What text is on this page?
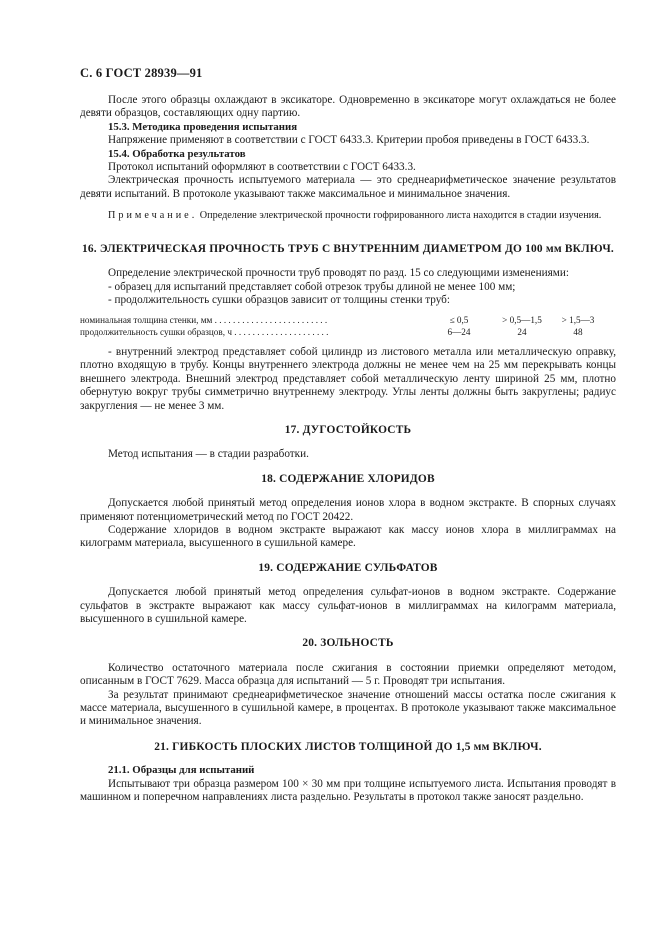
С. 6 ГОСТ 28939—91

После этого образцы охлаждают в эксикаторе. Одновременно в эксикаторе могут охлаждаться не более девяти образцов, составляющих одну партию.

15.3. Методика проведения испытания

Напряжение применяют в соответствии с ГОСТ 6433.3. Критерии пробоя приведены в ГОСТ 6433.3.

15.4. Обработка результатов

Протокол испытаний оформляют в соответствии с ГОСТ 6433.3.

Электрическая прочность испытуемого материала — это среднеарифметическое значение результатов девяти испытаний. В протоколе указывают также максимальное и минимальное значения.

Примечание. Определение электрической прочности гофрированного листа находится в стадии изучения.

16. ЭЛЕКТРИЧЕСКАЯ ПРОЧНОСТЬ ТРУБ С ВНУТРЕННИМ ДИАМЕТРОМ ДО 100 мм ВКЛЮЧ.

Определение электрической прочности труб проводят по разд. 15 со следующими изменениями:

- образец для испытаний представляет собой отрезок трубы длиной не менее 100 мм;

- продолжительность сушки образцов зависит от толщины стенки труб:

номинальная толщина стенки, мм . . . . . . . . . . . . . . . . . . . . . . . . .	≤ 0,5	> 0,5—1,5	> 1,5—3
продолжительность сушки образцов, ч . . . . . . . . . . . . . . . . . . . . .	6—24	24	48

- внутренний электрод представляет собой цилиндр из листового металла или металлическую оправку, плотно входящую в трубу. Концы внутреннего электрода должны не менее чем на 25 мм перекрывать концы внешнего электрода. Внешний электрод представляет собой металлическую ленту шириной 25 мм, плотно обернутую вокруг трубы симметрично внутреннему электроду. Углы ленты должны быть закруглены; радиус закругления — не менее 3 мм.

17. ДУГОСТОЙКОСТЬ

Метод испытания — в стадии разработки.

18. СОДЕРЖАНИЕ ХЛОРИДОВ

Допускается любой принятый метод определения ионов хлора в водном экстракте. В спорных случаях применяют потенциометрический метод по ГОСТ 20422.

Содержание хлоридов в водном экстракте выражают как массу ионов хлора в миллиграммах на килограмм материала, высушенного в сушильной камере.

19. СОДЕРЖАНИЕ СУЛЬФАТОВ

Допускается любой принятый метод определения сульфат-ионов в водном экстракте. Содержание сульфатов в экстракте выражают как массу сульфат-ионов в миллиграммах на килограмм материала, высушенного в сушильной камере.

20. ЗОЛЬНОСТЬ

Количество остаточного материала после сжигания в состоянии приемки определяют методом, описанным в ГОСТ 7629. Масса образца для испытаний — 5 г. Проводят три испытания.

За результат принимают среднеарифметическое значение отношений массы остатка после сжигания к массе материала, высушенного в сушильной камере, в процентах. В протоколе указывают также максимальное и минимальное значения.

21. ГИБКОСТЬ ПЛОСКИХ ЛИСТОВ ТОЛЩИНОЙ ДО 1,5 мм ВКЛЮЧ.

21.1. Образцы для испытаний

Испытывают три образца размером 100 × 30 мм при толщине испытуемого листа. Испытания проводят в машинном и поперечном направлениях листа раздельно. Результаты в протокол также заносят раздельно.
